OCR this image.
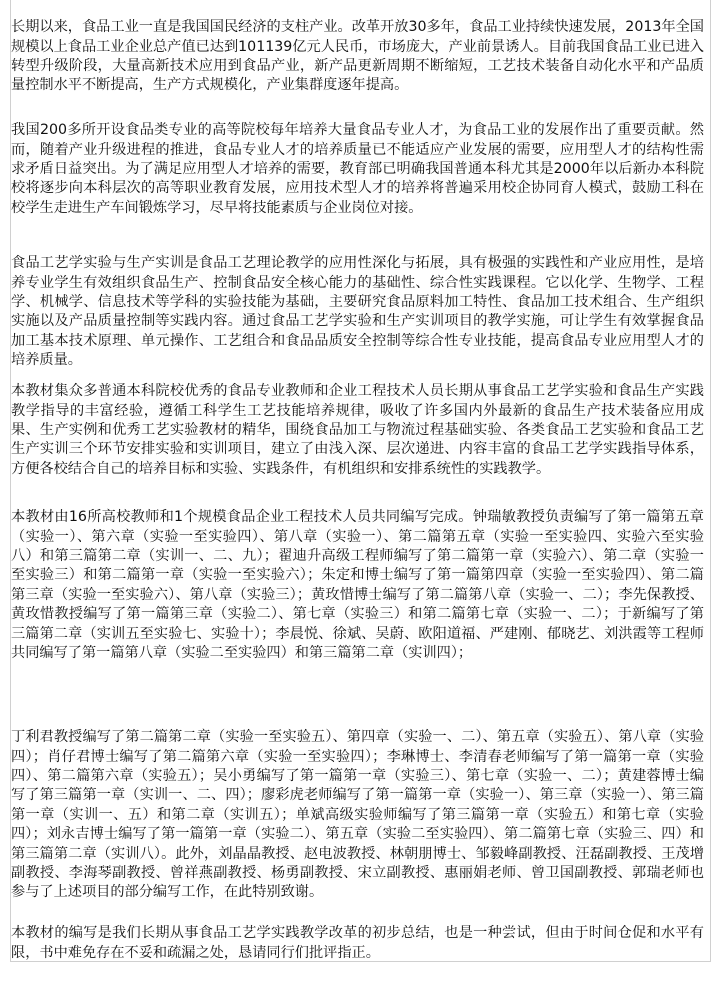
长期以来，食品工业一直是我国国民经济的支柱产业。改革开放30多年，食品工业持续快速发展，2013年全国规模以上食品工业企业总产值已达到101139亿元人民币，市场庞大，产业前景诱人。目前我国食品工业已进入转型升级阶段，大量高新技术应用到食品产业，新产品更新周期不断缩短，工艺技术装备自动化水平和产品质量控制水平不断提高，生产方式规模化，产业集群度逐年提高。

我国200多所开设食品类专业的高等院校每年培养大量食品专业人才，为食品工业的发展作出了重要贡献。然而，随着产业升级进程的推进，食品专业人才的培养质量已不能适应产业发展的需要，应用型人才的结构性需求矛盾日益突出。为了满足应用型人才培养的需要，教育部已明确我国普通本科尤其是2000年以后新办本科院校将逐步向本科层次的高等职业教育发展，应用技术型人才的培养将普遍采用校企协同育人模式，鼓励工科在校学生走进生产车间锻炼学习，尽早将技能素质与企业岗位对接。

食品工艺学实验与生产实训是食品工艺理论教学的应用性深化与拓展，具有极强的实践性和产业应用性，是培养专业学生有效组织食品生产、控制食品安全核心能力的基础性、综合性实践课程。它以化学、生物学、工程学、机械学、信息技术等学科的实验技能为基础，主要研究食品原料加工特性、食品加工技术组合、生产组织实施以及产品质量控制等实践内容。通过食品工艺学实验和生产实训项目的教学实施，可让学生有效掌握食品加工基本技术原理、单元操作、工艺组合和食品品质安全控制等综合性专业技能，提高食品专业应用型人才的培养质量。

本教材集众多普通本科院校优秀的食品专业教师和企业工程技术人员长期从事食品工艺学实验和食品生产实践教学指导的丰富经验，遵循工科学生工艺技能培养规律，吸收了许多国内外最新的食品生产技术装备应用成果、生产实例和优秀工艺实验教材的精华，围绕食品加工与物流过程基础实验、各类食品工艺实验和食品工艺生产实训三个环节安排实验和实训项目，建立了由浅入深、层次递进、内容丰富的食品工艺学实践指导体系，方便各校结合自己的培养目标和实验、实践条件，有机组织和安排系统性的实践教学。

本教材由16所高校教师和1个规模食品企业工程技术人员共同编写完成。钟瑞敏教授负责编写了第一篇第五章（实验一）、第六章（实验一至实验四）、第八章（实验一）、第二篇第五章（实验一至实验四、实验六至实验八）和第三篇第二章（实训一、二、九）；翟迪升高级工程师编写了第二篇第一章（实验六）、第二章（实验一至实验三）和第二篇第一章（实验一至实验六）；朱定和博士编写了第一篇第四章（实验一至实验四）、第二篇第三章（实验一至实验六）、第八章（实验三）；黄玫惜博士编写了第二篇第八章（实验一、二）；李先保教授、黄玫惜教授编写了第一篇第三章（实验二）、第七章（实验三）和第二篇第七章（实验一、二）；于新编写了第三篇第二章（实训五至实验七、实验十）；李晨悦、徐斌、吴蔚、欧阳道福、严建刚、郁晓艺、刘洪霞等工程师共同编写了第一篇第八章（实验二至实验四）和第三篇第二章（实训四）；

丁利君教授编写了第二篇第二章（实验一至实验五）、第四章（实验一、二）、第五章（实验五）、第八章（实验四）；肖仔君博士编写了第二篇第六章（实验一至实验四）；李琳博士、李清春老师编写了第一篇第一章（实验四）、第二篇第六章（实验五）；吴小勇编写了第一篇第一章（实验三）、第七章（实验一、二）；黄建蓉博士编写了第三篇第一章（实训一、二、四）；廖彩虎老师编写了第一篇第一章（实验一）、第三章（实验一）、第三篇第一章（实训一、五）和第二章（实训五）；单斌高级实验师编写了第三篇第一章（实验五）和第七章（实验四）；刘永吉博士编写了第一篇第一章（实验二）、第五章（实验二至实验四）、第二篇第七章（实验三、四）和第三篇第二章（实训八）。此外，刘晶晶教授、赵电波教授、林朝朋博士、邹毅峰副教授、汪磊副教授、王茂增副教授、李海琴副教授、曾祥燕副教授、杨勇副教授、宋立副教授、惠丽娟老师、曾卫国副教授、郭瑞老师也参与了上述项目的部分编写工作，在此特别致谢。

本教材的编写是我们长期从事食品工艺学实践教学改革的初步总结，也是一种尝试，但由于时间仓促和水平有限，书中难免存在不妥和疏漏之处，恳请同行们批评指正。
